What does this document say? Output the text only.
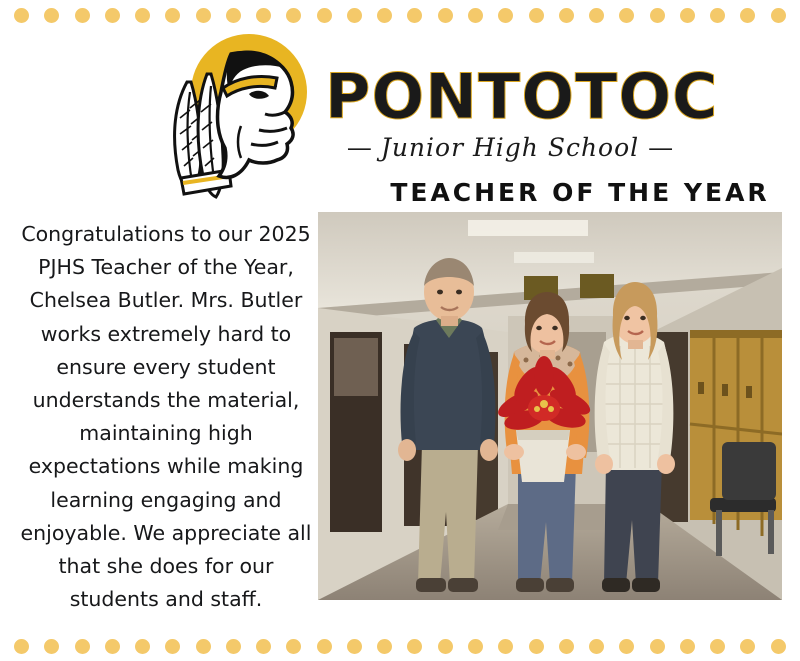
PONTOTOC
— Junior High School —
TEACHER OF THE YEAR
Congratulations to our 2025 PJHS Teacher of the Year, Chelsea Butler. Mrs. Butler works extremely hard to ensure every student understands the material, maintaining high expectations while making learning engaging and enjoyable. We appreciate all that she does for our students and staff.
